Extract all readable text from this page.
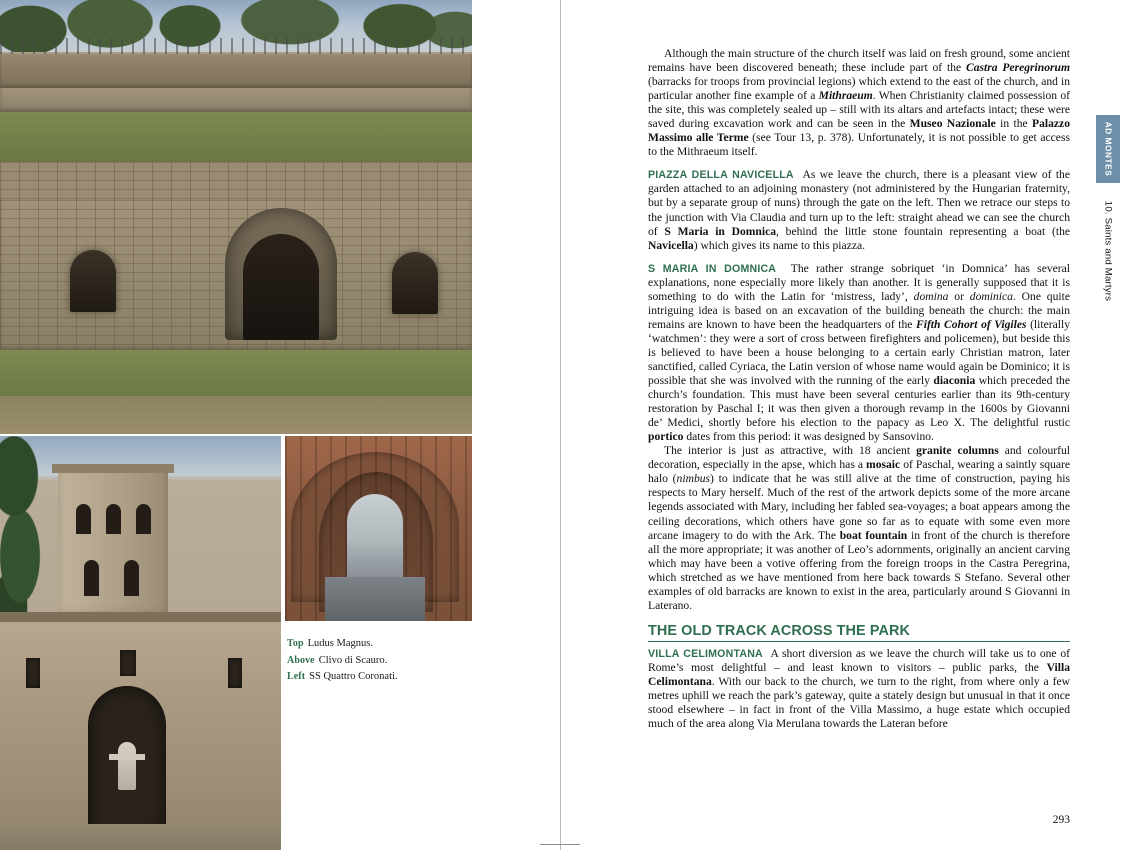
Top Ludus Magnus.
Above Clivo di Scauro.
Left SS Quattro Coronati.

Although the main structure of the church itself was laid on fresh ground, some ancient remains have been discovered beneath; these include part of the Castra Peregrinorum (barracks for troops from provincial legions) which extend to the east of the church, and in particular another fine example of a Mithraeum. When Christianity claimed possession of the site, this was completely sealed up – still with its altars and artefacts intact; these were saved during excavation work and can be seen in the Museo Nazionale in the Palazzo Massimo alle Terme (see Tour 13, p. 378). Unfortunately, it is not possible to get access to the Mithraeum itself.

PIAZZA DELLA NAVICELLA As we leave the church, there is a pleasant view of the garden attached to an adjoining monastery (not administered by the Hungarian fraternity, but by a separate group of nuns) through the gate on the left. Then we retrace our steps to the junction with Via Claudia and turn up to the left: straight ahead we can see the church of S Maria in Domnica, behind the little stone fountain representing a boat (the Navicella) which gives its name to this piazza.

S MARIA IN DOMNICA The rather strange sobriquet ‘in Domnica’ has several explanations, none especially more likely than another. It is generally supposed that it is something to do with the Latin for ‘mistress, lady’, domina or dominica. One quite intriguing idea is based on an excavation of the building beneath the church: the main remains are known to have been the headquarters of the Fifth Cohort of Vigiles (literally ‘watchmen’: they were a sort of cross between firefighters and policemen), but beside this is believed to have been a house belonging to a certain early Christian matron, later sanctified, called Cyriaca, the Latin version of whose name would again be Dominico; it is possible that she was involved with the running of the early diaconia which preceded the church’s foundation. This must have been several centuries earlier than its 9th-century restoration by Paschal I; it was then given a thorough revamp in the 1600s by Giovanni de’ Medici, shortly before his election to the papacy as Leo X. The delightful rustic portico dates from this period: it was designed by Sansovino.

The interior is just as attractive, with 18 ancient granite columns and colourful decoration, especially in the apse, which has a mosaic of Paschal, wearing a saintly square halo (nimbus) to indicate that he was still alive at the time of construction, paying his respects to Mary herself. Much of the rest of the artwork depicts some of the more arcane legends associated with Mary, including her fabled sea-voyages; a boat appears among the ceiling decorations, which others have gone so far as to equate with some even more arcane imagery to do with the Ark. The boat fountain in front of the church is therefore all the more appropriate; it was another of Leo’s adornments, originally an ancient carving which may have been a votive offering from the foreign troops in the Castra Peregrina, which stretched as we have mentioned from here back towards S Stefano. Several other examples of old barracks are known to exist in the area, particularly around S Giovanni in Laterano.

THE OLD TRACK ACROSS THE PARK

VILLA CELIMONTANA A short diversion as we leave the church will take us to one of Rome’s most delightful – and least known to visitors – public parks, the Villa Celimontana. With our back to the church, we turn to the right, from where only a few metres uphill we reach the park’s gateway, quite a stately design but unusual in that it once stood elsewhere – in fact in front of the Villa Massimo, a huge estate which occupied much of the area along Via Merulana towards the Lateran before

293
AD MONTES
10. Saints and Martyrs
